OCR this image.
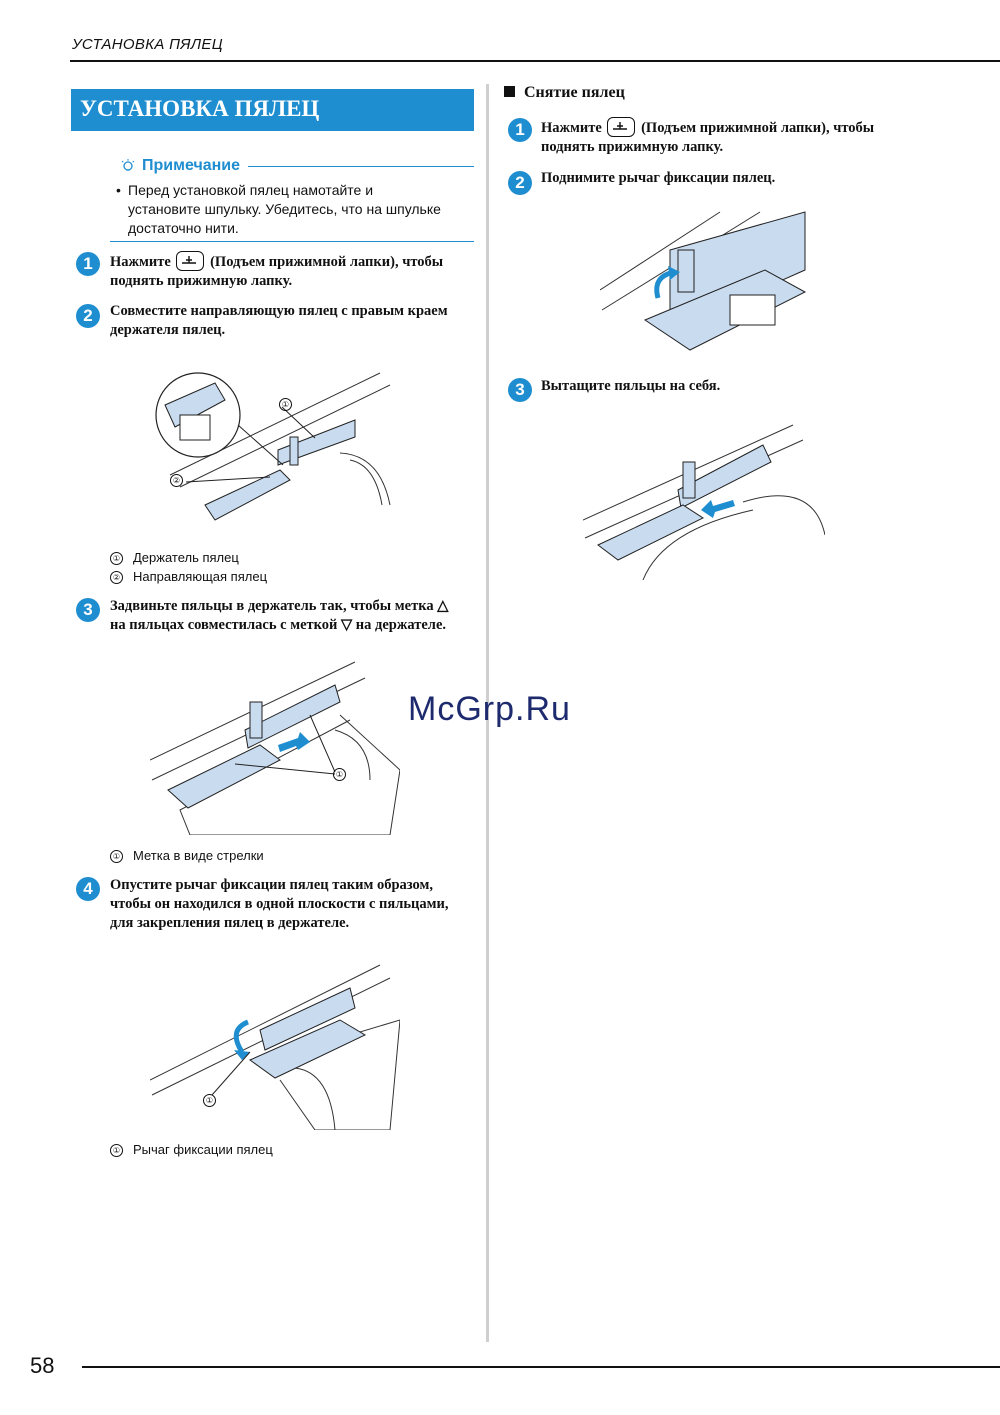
УСТАНОВКА ПЯЛЕЦ
УСТАНОВКА ПЯЛЕЦ
Примечание
• Перед установкой пялец намотайте и
установите шпульку. Убедитесь, что на шпульке
достаточно нити.
1	Нажмите	(Подъем прижимной лапки), чтобы
поднять прижимную лапку.
2	Совместите направляющую пялец с правым краем
держателя пялец.
①
②
① Держатель пялец
② Направляющая пялец
3	Задвиньте пяльцы в держатель так, чтобы метка △
на пяльцах совместилась с меткой ▽ на держателе.
①
① Метка в виде стрелки
4	Опустите рычаг фиксации пялец таким образом,
чтобы он находился в одной плоскости с пяльцами,
для закрепления пялец в держателе.
①
① Рычаг фиксации пялец
Снятие пялец
1	Нажмите	(Подъем прижимной лапки), чтобы
поднять прижимную лапку.
2	Поднимите рычаг фиксации пялец.
3	Вытащите пяльцы на себя.
McGrp.Ru
58
